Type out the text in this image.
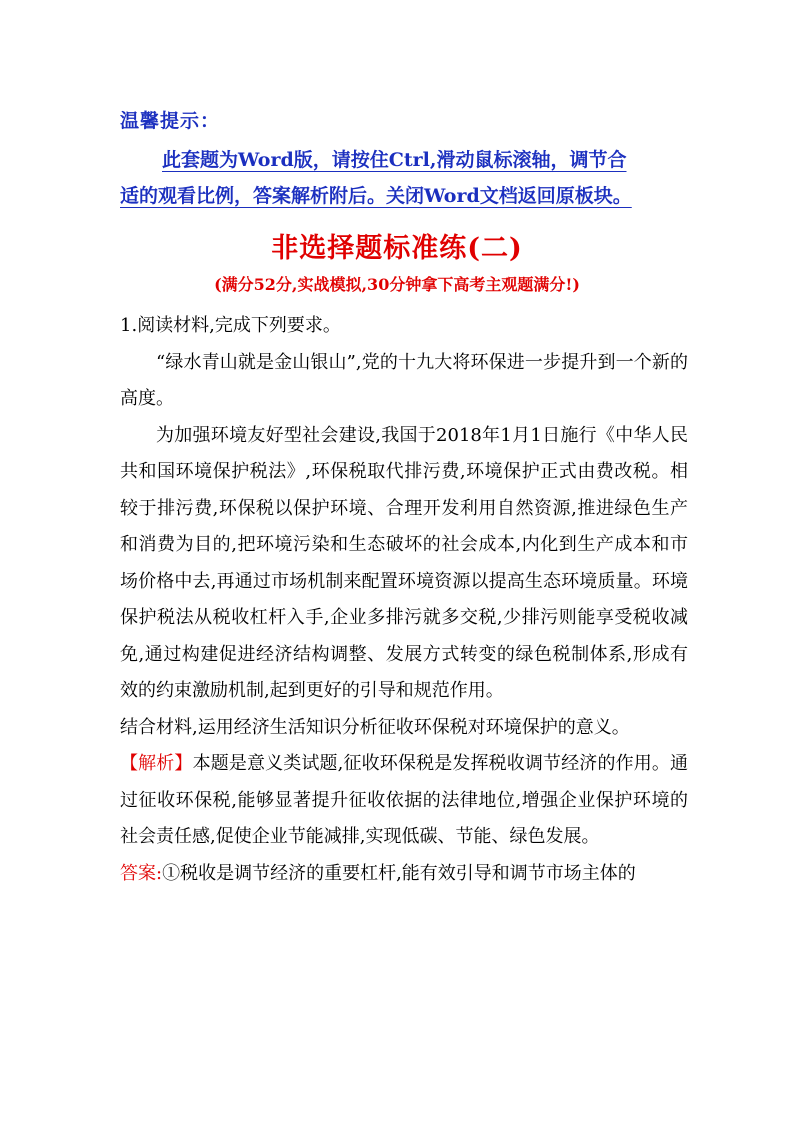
温馨提示：
此套题为Word版，请按住Ctrl,滑动鼠标滚轴，调节合
适的观看比例，答案解析附后。关闭Word文档返回原板块。
非选择题标准练(二)
(满分52分,实战模拟,30分钟拿下高考主观题满分!)

1.阅读材料,完成下列要求。

“绿水青山就是金山银山”,党的十九大将环保进一步提升到一个新的高度。

为加强环境友好型社会建设,我国于2018年1月1日施行《中华人民共和国环境保护税法》,环保税取代排污费,环境保护正式由费改税。相较于排污费,环保税以保护环境、合理开发利用自然资源,推进绿色生产和消费为目的,把环境污染和生态破坏的社会成本,内化到生产成本和市场价格中去,再通过市场机制来配置环境资源以提高生态环境质量。环境保护税法从税收杠杆入手,企业多排污就多交税,少排污则能享受税收减免,通过构建促进经济结构调整、发展方式转变的绿色税制体系,形成有效的约束激励机制,起到更好的引导和规范作用。

结合材料,运用经济生活知识分析征收环保税对环境保护的意义。

【解析】本题是意义类试题,征收环保税是发挥税收调节经济的作用。通过征收环保税,能够显著提升征收依据的法律地位,增强企业保护环境的社会责任感,促使企业节能减排,实现低碳、节能、绿色发展。

答案:①税收是调节经济的重要杠杆,能有效引导和调节市场主体的
